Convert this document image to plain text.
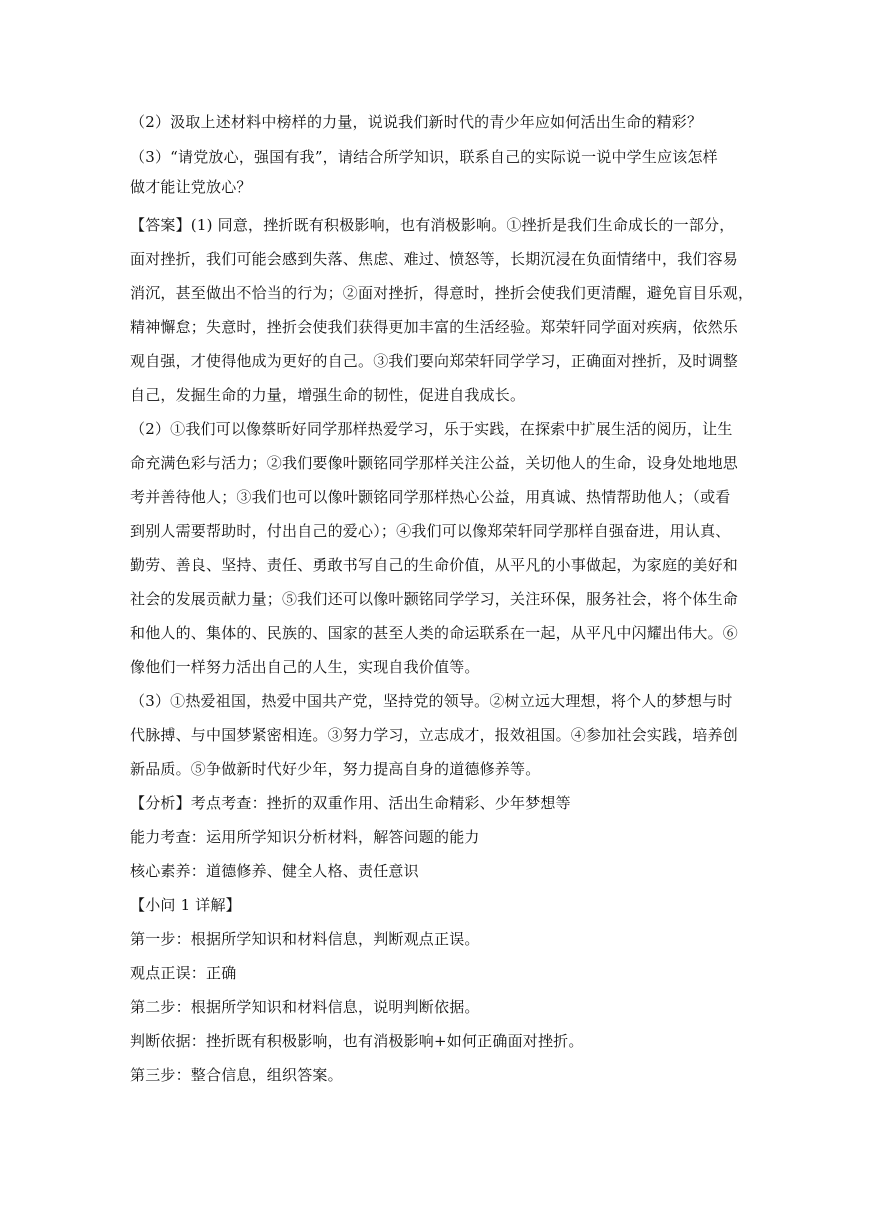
（2）汲取上述材料中榜样的力量，说说我们新时代的青少年应如何活出生命的精彩？
（3）“请党放心，强国有我”，请结合所学知识，联系自己的实际说一说中学生应该怎样
做才能让党放心？
【答案】(1) 同意，挫折既有积极影响，也有消极影响。①挫折是我们生命成长的一部分，
面对挫折，我们可能会感到失落、焦虑、难过、愤怒等，长期沉浸在负面情绪中，我们容易
消沉，甚至做出不恰当的行为；②面对挫折，得意时，挫折会使我们更清醒，避免盲目乐观，
精神懈怠；失意时，挫折会使我们获得更加丰富的生活经验。郑荣轩同学面对疾病，依然乐
观自强，才使得他成为更好的自己。③我们要向郑荣轩同学学习，正确面对挫折，及时调整
自己，发掘生命的力量，增强生命的韧性，促进自我成长。
（2）①我们可以像蔡昕好同学那样热爱学习，乐于实践，在探索中扩展生活的阅历，让生
命充满色彩与活力；②我们要像叶颢铭同学那样关注公益，关切他人的生命，设身处地地思
考并善待他人；③我们也可以像叶颢铭同学那样热心公益，用真诚、热情帮助他人；（或看
到别人需要帮助时，付出自己的爱心）；④我们可以像郑荣轩同学那样自强奋进，用认真、
勤劳、善良、坚持、责任、勇敢书写自己的生命价值，从平凡的小事做起，为家庭的美好和
社会的发展贡献力量；⑤我们还可以像叶颢铭同学学习，关注环保，服务社会，将个体生命
和他人的、集体的、民族的、国家的甚至人类的命运联系在一起，从平凡中闪耀出伟大。⑥
像他们一样努力活出自己的人生，实现自我价值等。
（3）①热爱祖国，热爱中国共产党，坚持党的领导。②树立远大理想，将个人的梦想与时
代脉搏、与中国梦紧密相连。③努力学习，立志成才，报效祖国。④参加社会实践，培养创
新品质。⑤争做新时代好少年，努力提高自身的道德修养等。
【分析】考点考查：挫折的双重作用、活出生命精彩、少年梦想等
能力考查：运用所学知识分析材料，解答问题的能力
核心素养：道德修养、健全人格、责任意识
【小问 1 详解】
第一步：根据所学知识和材料信息，判断观点正误。
观点正误：正确
第二步：根据所学知识和材料信息，说明判断依据。
判断依据：挫折既有积极影响，也有消极影响+如何正确面对挫折。
第三步：整合信息，组织答案。
